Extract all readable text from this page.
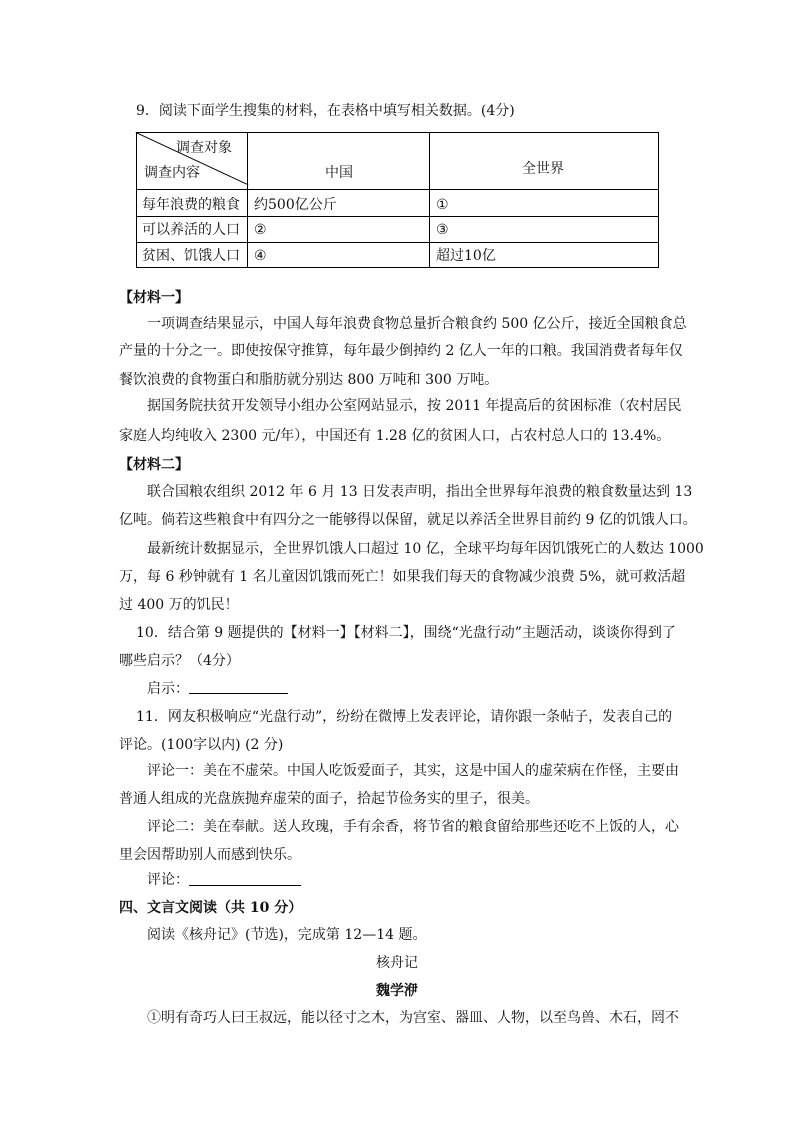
9．阅读下面学生搜集的材料，在表格中填写相关数据。(4分)
调查对象
调查内容	中国	全世界
每年浪费的粮食 约500亿公斤	①
可以养活的人口 ②	③
贫困、饥饿人口 ④	超过10亿
【材料一】
一项调查结果显示，中国人每年浪费食物总量折合粮食约 500 亿公斤，接近全国粮食总
产量的十分之一。即使按保守推算，每年最少倒掉约 2 亿人一年的口粮。我国消费者每年仅
餐饮浪费的食物蛋白和脂肪就分别达 800 万吨和 300 万吨。
据国务院扶贫开发领导小组办公室网站显示，按 2011 年提高后的贫困标准（农村居民
家庭人均纯收入 2300 元/年），中国还有 1.28 亿的贫困人口，占农村总人口的 13.4%。
【材料二】
联合国粮农组织 2012 年 6 月 13 日发表声明，指出全世界每年浪费的粮食数量达到 13
亿吨。倘若这些粮食中有四分之一能够得以保留，就足以养活全世界目前约 9 亿的饥饿人口。
最新统计数据显示，全世界饥饿人口超过 10 亿，全球平均每年因饥饿死亡的人数达 1000
万，每 6 秒钟就有 1 名儿童因饥饿而死亡！如果我们每天的食物减少浪费 5%，就可救活超
过 400 万的饥民！
10．结合第 9 题提供的【材料一】【材料二】，围绕“光盘行动”主题活动，谈谈你得到了
哪些启示？（4分）
启示：
11．网友积极响应“光盘行动”，纷纷在微博上发表评论，请你跟一条帖子，发表自己的
评论。(100字以内) (2 分)
评论一：美在不虚荣。中国人吃饭爱面子，其实，这是中国人的虚荣病在作怪，主要由
普通人组成的光盘族抛弃虚荣的面子，拾起节俭务实的里子，很美。
评论二：美在奉献。送人玫瑰，手有余香，将节省的粮食留给那些还吃不上饭的人，心
里会因帮助别人而感到快乐。
评论：
四、文言文阅读（共 10 分）
阅读《核舟记》(节选)，完成第 12—14 题。
核舟记
魏学洢
①明有奇巧人曰王叔远，能以径寸之木，为宫室、器皿、人物，以至鸟兽、木石，罔不
